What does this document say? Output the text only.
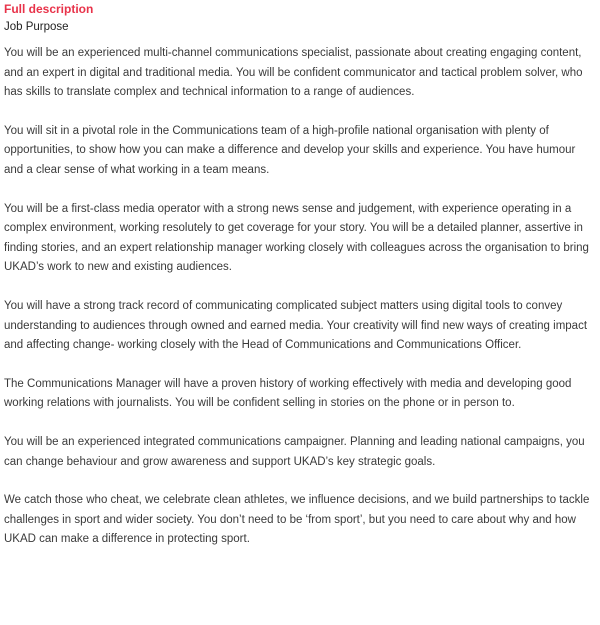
Full description
Job Purpose

You will be an experienced multi-channel communications specialist, passionate about creating engaging content, and an expert in digital and traditional media. You will be confident communicator and tactical problem solver, who has skills to translate complex and technical information to a range of audiences.

You will sit in a pivotal role in the Communications team of a high-profile national organisation with plenty of opportunities, to show how you can make a difference and develop your skills and experience. You have humour and a clear sense of what working in a team means.

You will be a first-class media operator with a strong news sense and judgement, with experience operating in a complex environment, working resolutely to get coverage for your story. You will be a detailed planner, assertive in finding stories, and an expert relationship manager working closely with colleagues across the organisation to bring UKAD’s work to new and existing audiences.

You will have a strong track record of communicating complicated subject matters using digital tools to convey understanding to audiences through owned and earned media. Your creativity will find new ways of creating impact and affecting change- working closely with the Head of Communications and Communications Officer.

The Communications Manager will have a proven history of working effectively with media and developing good working relations with journalists. You will be confident selling in stories on the phone or in person to.

You will be an experienced integrated communications campaigner. Planning and leading national campaigns, you can change behaviour and grow awareness and support UKAD’s key strategic goals.

We catch those who cheat, we celebrate clean athletes, we influence decisions, and we build partnerships to tackle challenges in sport and wider society. You don’t need to be ‘from sport’, but you need to care about why and how UKAD can make a difference in protecting sport.
